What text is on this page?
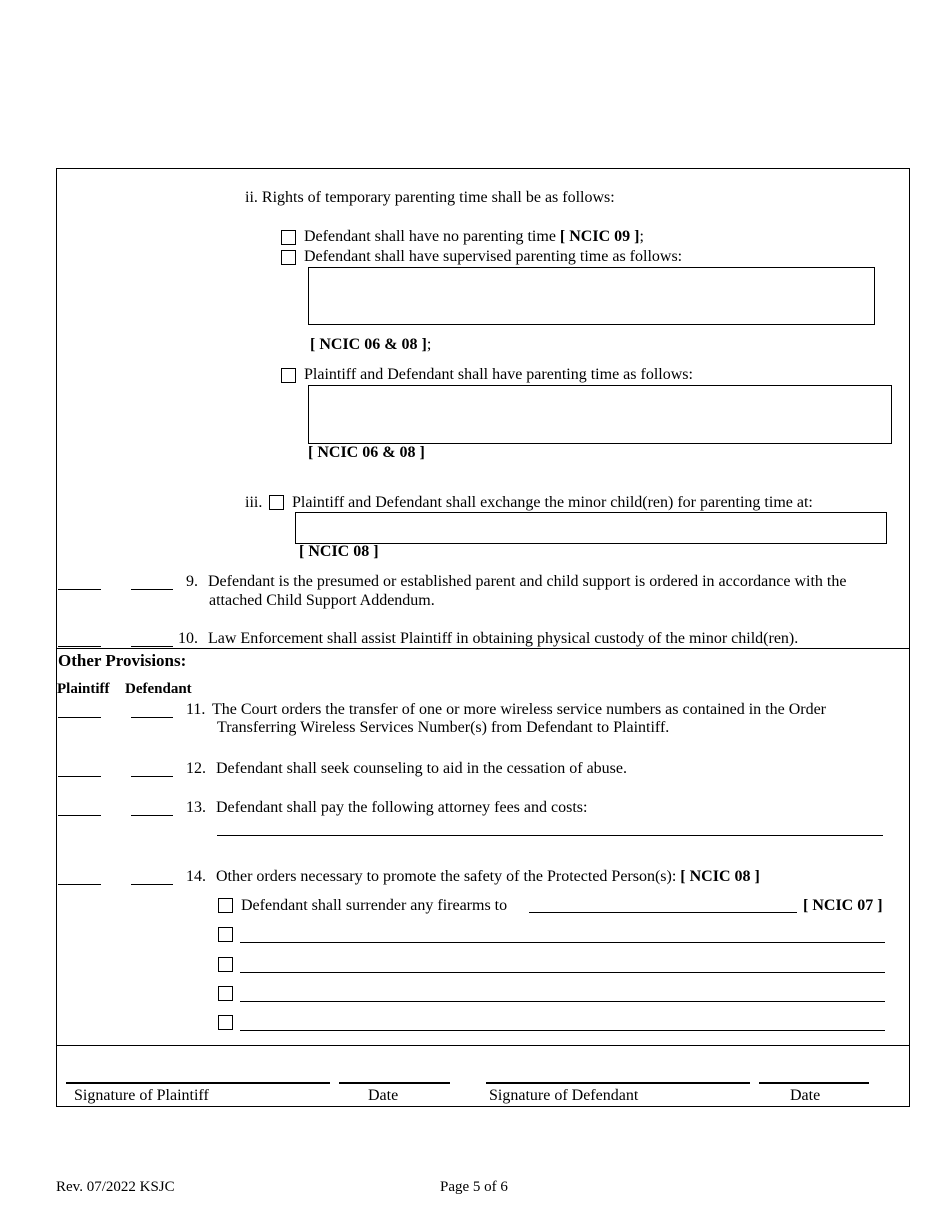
ii. Rights of temporary parenting time shall be as follows:
Defendant shall have no parenting time [ NCIC 09 ];
Defendant shall have supervised parenting time as follows:
[ NCIC 06 & 08 ];
Plaintiff and Defendant shall have parenting time as follows:
[ NCIC 06 & 08 ]
iii. Plaintiff and Defendant shall exchange the minor child(ren) for parenting time at:
[ NCIC 08 ]
9. Defendant is the presumed or established parent and child support is ordered in accordance with the
attached Child Support Addendum.
10. Law Enforcement shall assist Plaintiff in obtaining physical custody of the minor child(ren).
Other Provisions:
Plaintiff Defendant
11. The Court orders the transfer of one or more wireless service numbers as contained in the Order
Transferring Wireless Services Number(s) from Defendant to Plaintiff.
12. Defendant shall seek counseling to aid in the cessation of abuse.
13. Defendant shall pay the following attorney fees and costs:
14. Other orders necessary to promote the safety of the Protected Person(s): [ NCIC 08 ]
Defendant shall surrender any firearms to	[ NCIC 07 ]
Signature of Plaintiff	Date	Signature of Defendant	Date
Rev. 07/2022 KSJC	Page 5 of 6
